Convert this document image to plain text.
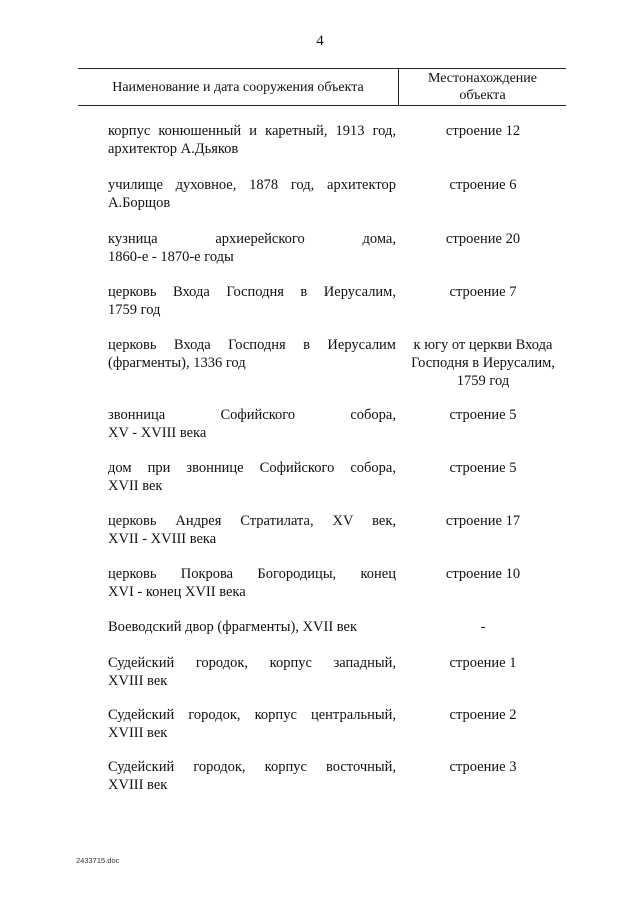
4
Наименование и дата сооружения объекта
Местонахождение
объекта
корпус конюшенный и каретный, 1913 год,
архитектор А.Дьяков
строение 12
училище духовное, 1878 год, архитектор
А.Борщов
строение 6
кузница архиерейского дома,
1860-е - 1870-е годы
строение 20
церковь Входа Господня в Иерусалим,
1759 год
строение 7
церковь Входа Господня в Иерусалим
(фрагменты), 1336 год
к югу от церкви Входа
Господня в Иерусалим,
1759 год
звонница Софийского собора,
XV - XVIII века
строение 5
дом при звоннице Софийского собора,
XVII век
строение 5
церковь Андрея Стратилата, XV век,
XVII - XVIII века
строение 17
церковь Покрова Богородицы, конец
XVI - конец XVII века
строение 10
Воеводский двор (фрагменты), XVII век	-
Судейский городок, корпус западный,
XVIII век
строение 1
Судейский городок, корпус центральный,
XVIII век
строение 2
Судейский городок, корпус восточный,
XVIII век
строение 3
2433715.doc
